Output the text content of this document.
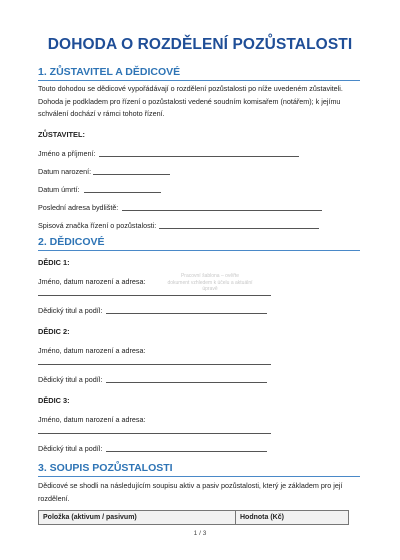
DOHODA O ROZDĚLENÍ POZŮSTALOSTI
1. ZŮSTAVITEL A DĚDICOVÉ
Touto dohodou se dědicové vypořádávají o rozdělení pozůstalosti po níže uvedeném zůstaviteli.
Dohoda je podkladem pro řízení o pozůstalosti vedené soudním komisařem (notářem); k jejímu
schválení dochází v rámci tohoto řízení.
ZŮSTAVITEL:
Jméno a příjmení:
Datum narození:
Datum úmrtí:
Poslední adresa bydliště:
Spisová značka řízení o pozůstalosti:
2. DĚDICOVÉ
DĚDIC 1:
Jméno, datum narození a adresa:
Dědický titul a podíl:
Pracovní šablona – ověřte
dokument vzhledem k účelu a aktuální
úpravě
DĚDIC 2:
Jméno, datum narození a adresa:
Dědický titul a podíl:
DĚDIC 3:
Jméno, datum narození a adresa:
Dědický titul a podíl:
3. SOUPIS POZŮSTALOSTI
Dědicové se shodli na následujícím soupisu aktiv a pasiv pozůstalosti, který je základem pro její
rozdělení.
Položka (aktivum / pasivum)	Hodnota (Kč)
1 / 3
